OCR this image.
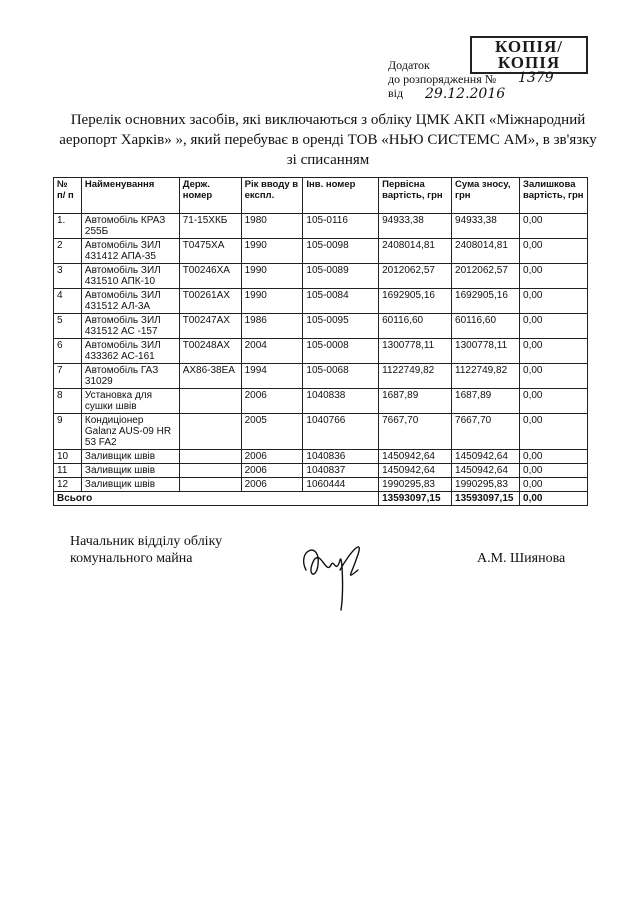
КОПІЯ/
КОПІЯ
Додаток
до розпорядження №
від
1379
29.12.2016
Перелік основних засобів, які виключаються з обліку ЦМК АКП «Міжнародний аеропорт Харків» », який перебуває в оренді ТОВ «НЬЮ СИСТЕМС АМ», в зв'язку зі списанням
№ п/ п	Найменування	Держ. номер	Рік вводу в експл.	Інв. номер	Первісна вартість, грн	Сума зносу, грн	Залишкова вартість, грн
1.	Автомобіль КРАЗ 255Б	71-15ХКБ	1980	105-0116	94933,38	94933,38	0,00
2	Автомобіль ЗИЛ 431412 АПА-35	Т0475ХА	1990	105-0098	2408014,81	2408014,81	0,00
3	Автомобіль ЗИЛ 431510 АПК-10	Т00246ХА	1990	105-0089	2012062,57	2012062,57	0,00
4	Автомобіль ЗИЛ 431512 АЛ-3А	Т00261АХ	1990	105-0084	1692905,16	1692905,16	0,00
5	Автомобіль ЗИЛ 431512 АС -157	Т00247АХ	1986	105-0095	60116,60	60116,60	0,00
6	Автомобіль ЗИЛ 433362 АС-161	Т00248АХ	2004	105-0008	1300778,11	1300778,11	0,00
7	Автомобіль ГАЗ 31029	АХ86-38ЕА	1994	105-0068	1122749,82	1122749,82	0,00
8	Установка для сушки швів		2006	1040838	1687,89	1687,89	0,00
9	Кондиціонер Galanz AUS-09 HR 53 FA2		2005	1040766	7667,70	7667,70	0,00
10	Заливщик швів		2006	1040836	1450942,64	1450942,64	0,00
11	Заливщик швів		2006	1040837	1450942,64	1450942,64	0,00
12	Заливщик швів		2006	1060444	1990295,83	1990295,83	0,00
Всього					13593097,15	13593097,15	0,00
Начальник відділу обліку
комунального майна	А.М. Шиянова
